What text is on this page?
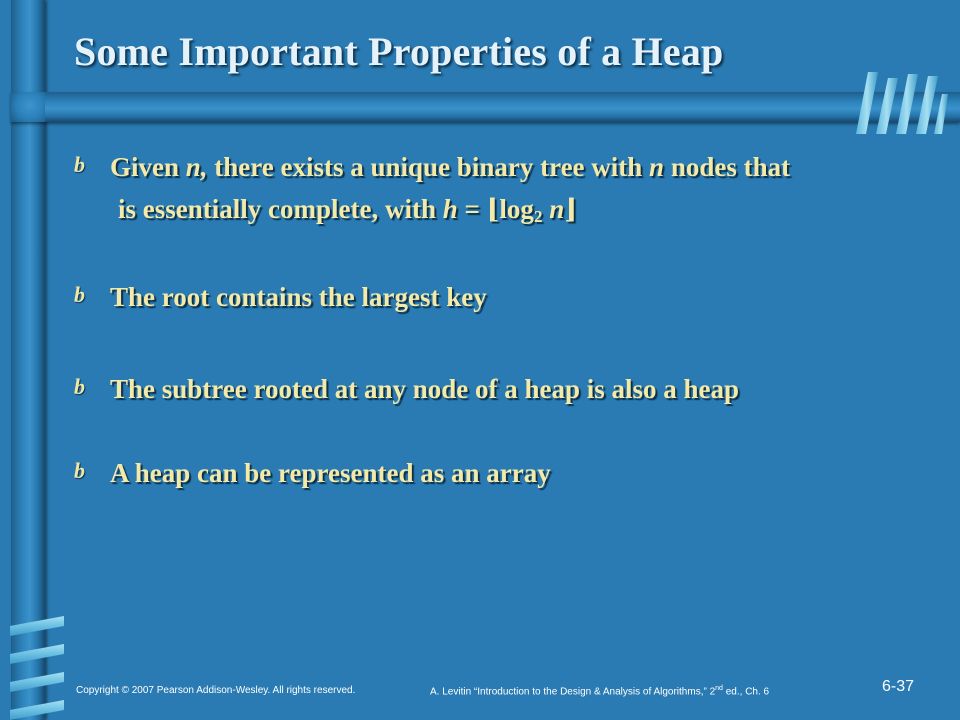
Some Important Properties of a Heap
b Given n, there exists a unique binary tree with n nodes that
is essentially complete, with $h = ⌊\log_2$ n⌋
b The root contains the largest key
b The subtree rooted at any node of a heap is also a heap
b A heap can be represented as an array
Copyright © 2007 Pearson Addison-Wesley. All rights reserved.	A. Levitin “Introduction to the Design & Analysis of Algorithms,” 2nd ed., Ch. 6	6-37
